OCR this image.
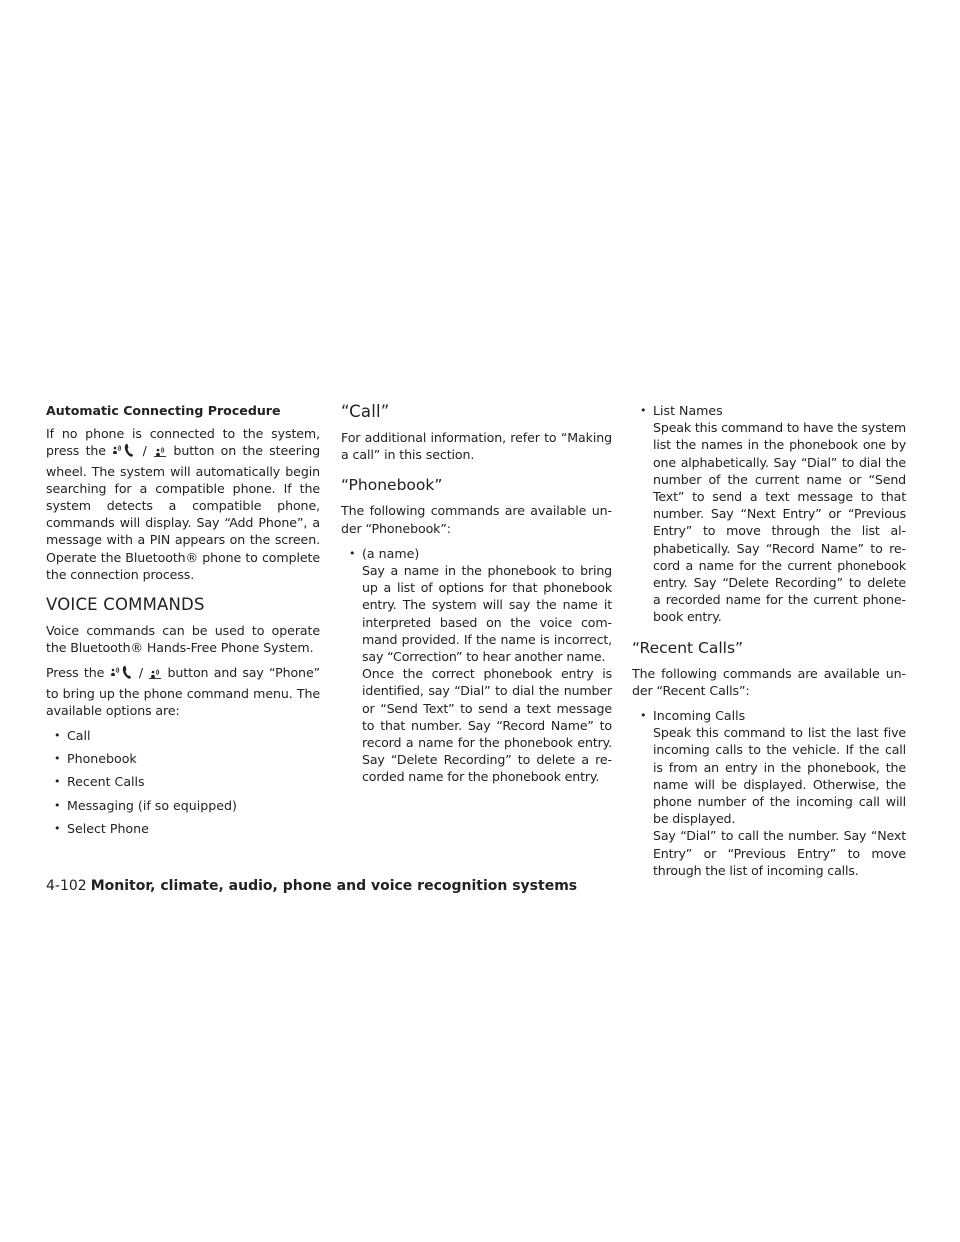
Automatic Connecting Procedure

If no phone is connected to the system, press the	/ button on the steering wheel. The system will automatically begin searching for a compatible phone. If the system detects a compatible phone, commands will display. Say “Add Phone”, a message with a PIN appears on the screen. Operate the Bluetooth® phone to complete the connection process.

VOICE COMMANDS

Voice commands can be used to operate the Bluetooth® Hands-Free Phone System.

Press the	/ button and say “Phone” to bring up the phone command menu. The available options are:

• Call
• Phonebook
• Recent Calls
• Messaging (if so equipped)
• Select Phone
“Call”

For additional information, refer to “Making a call” in this section.

“Phonebook”

The following commands are available under “Phonebook”:

• (a name)
Say a name in the phonebook to bring up a list of options for that phonebook entry. The system will say the name it interpreted based on the voice command provided. If the name is incorrect, say “Correction” to hear another name.
Once the correct phonebook entry is identified, say “Dial” to dial the number or “Send Text” to send a text message to that number. Say “Record Name” to record a name for the phonebook entry. Say “Delete Recording” to delete a recorded name for the phonebook entry.
• List Names
Speak this command to have the system list the names in the phonebook one by one alphabetically. Say “Dial” to dial the number of the current name or “Send Text” to send a text message to that number. Say “Next Entry” or “Previous Entry” to move through the list alphabetically. Say “Record Name” to record a name for the current phonebook entry. Say “Delete Recording” to delete a recorded name for the current phonebook entry.
“Recent Calls”

The following commands are available under “Recent Calls”:

• Incoming Calls
Speak this command to list the last five incoming calls to the vehicle. If the call is from an entry in the phonebook, the name will be displayed. Otherwise, the phone number of the incoming call will be displayed.
Say “Dial” to call the number. Say “Next Entry” or “Previous Entry” to move through the list of incoming calls.
4-102 Monitor, climate, audio, phone and voice recognition systems
